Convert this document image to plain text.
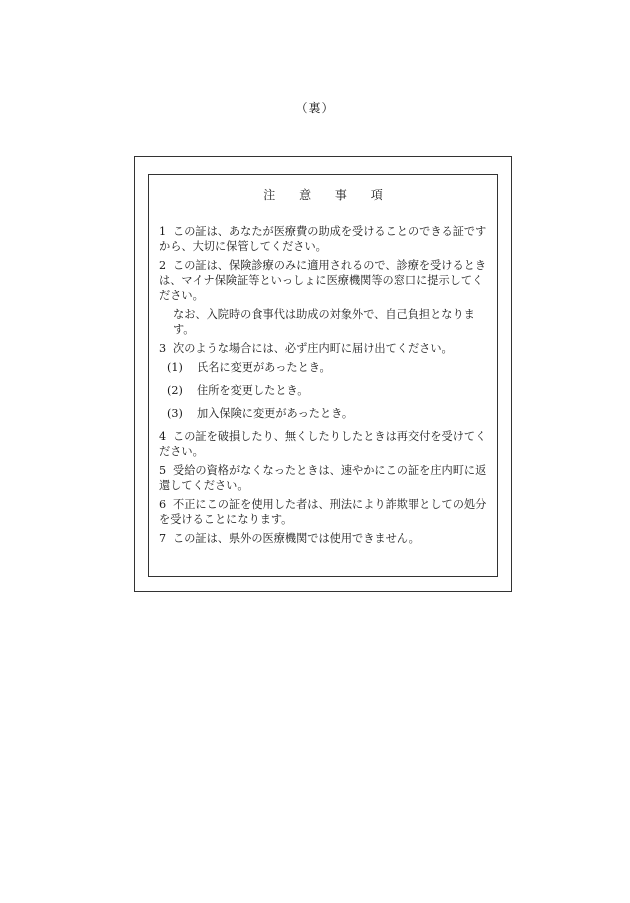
（裏）
注 意 事 項
1 この証は、あなたが医療費の助成を受けることのできる証ですから、大切に保管してください。
2 この証は、保険診療のみに適用されるので、診療を受けるときは、マイナ保険証等といっしょに医療機関等の窓口に提示してください。
なお、入院時の食事代は助成の対象外で、自己負担となります。
3 次のような場合には、必ず庄内町に届け出てください。
(1) 氏名に変更があったとき。
(2) 住所を変更したとき。
(3) 加入保険に変更があったとき。
4 この証を破損したり、無くしたりしたときは再交付を受けてください。
5 受給の資格がなくなったときは、速やかにこの証を庄内町に返還してください。
6 不正にこの証を使用した者は、刑法により詐欺罪としての処分を受けることになります。
7 この証は、県外の医療機関では使用できません。
